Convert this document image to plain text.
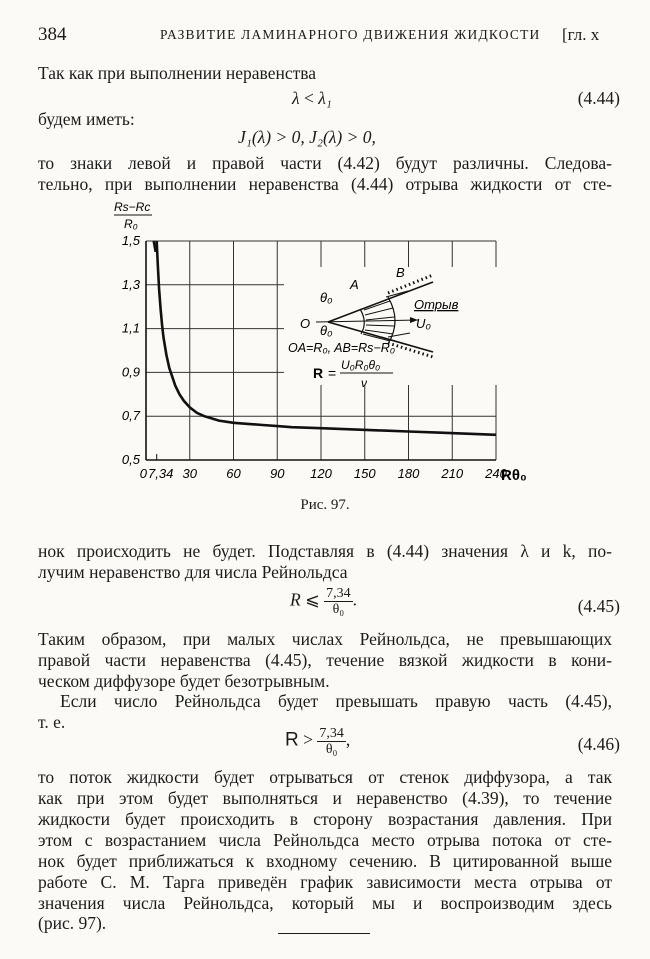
384	РАЗВИТИЕ ЛАМИНАРНОГО ДВИЖЕНИЯ ЖИДКОСТИ [гл. x
Так как при выполнении неравенства
λ < λ₁	(4.44)
будем иметь:
J₁(λ) > 0, J₂(λ) > 0,
то знаки левой и правой части (4.42) будут различны. Следова-
тельно, при выполнении неравенства (4.44) отрыва жидкости от сте-
0 7,34 30 60 90 120 150 180 210 240
0,5
0,7
0,9
1,1
1,3
1,5
Rs−Rc
R₀
Rθ₀
B
A
θ₀	Отрыв
O θ₀	U₀
OA=R₀, AB=Rs−R₀
R = U₀R₀θ₀
ν
Рис. 97.
нок происходить не будет. Подставляя в (4.44) значения λ и k, по-
лучим неравенство для числа Рейнольдса
R ⩽ $\frac{7,34}{\text{θ₀}}$ .	(4.45)
Таким образом, при малых числах Рейнольдса, не превышающих
правой части неравенства (4.45), течение вязкой жидкости в кони-
ческом диффузоре будет безотрывным.
Если число Рейнольдса будет превышать правую часть (4.45),
т. е.
$R > \frac{7,34}{\text{θ₀}}$ ,	(4.46)
то поток жидкости будет отрываться от стенок диффузора, а так
как при этом будет выполняться и неравенство (4.39), то течение
жидкости будет происходить в сторону возрастания давления. При
этом с возрастанием числа Рейнольдса место отрыва потока от сте-
нок будет приближаться к входному сечению. В цитированной выше
работе С. М. Тарга приведён график зависимости места отрыва от
значения числа Рейнольдса, который мы и воспроизводим здесь
(рис. 97).
